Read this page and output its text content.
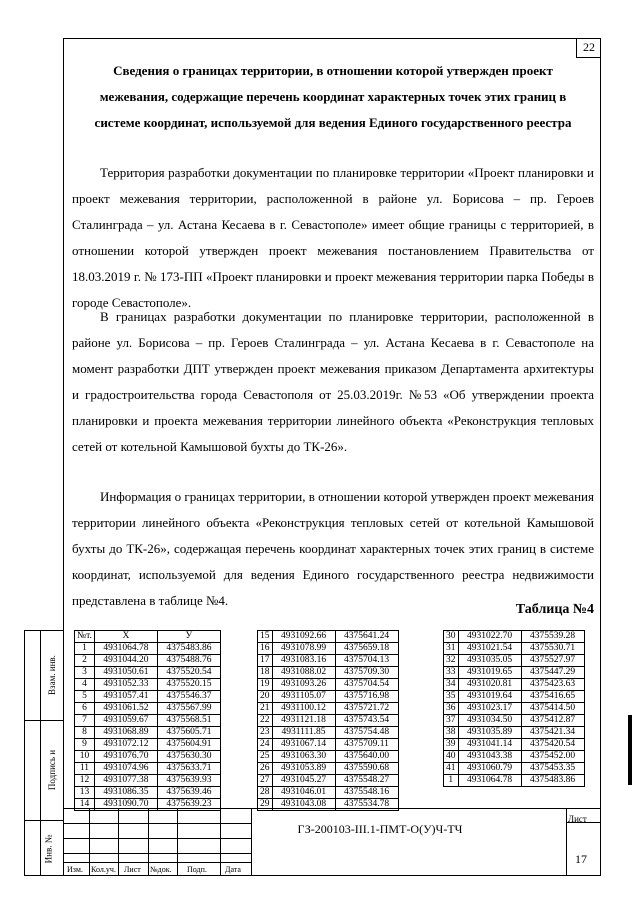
22
Взам. инв.
Подпись и
Инв. №
Сведения о границах территории, в отношении которой утвержден проект межевания, содержащие перечень координат характерных точек этих границ в системе координат, используемой для ведения Единого государственного реестра
Территория разработки документации по планировке территории «Проект планировки и проект межевания территории, расположенной в районе ул. Борисова – пр. Героев Сталинграда – ул. Астана Кесаева в г. Севастополе» имеет общие границы с территорией, в отношении которой утвержден проект межевания постановлением Правительства от 18.03.2019 г. № 173-ПП «Проект планировки и проект межевания территории парка Победы в городе Севастополе».
В границах разработки документации по планировке территории, расположенной в районе ул. Борисова – пр. Героев Сталинграда – ул. Астана Кесаева в г. Севастополе на момент разработки ДПТ утвержден проект межевания приказом Департамента архитектуры и градостроительства города Севастополя от 25.03.2019г. №53 «Об утверждении проекта планировки и проекта межевания территории линейного объекта «Реконструкция тепловых сетей от котельной Камышовой бухты до ТК-26».
Информация о границах территории, в отношении которой утвержден проект межевания территории линейного объекта «Реконструкция тепловых сетей от котельной Камышовой бухты до ТК-26», содержащая перечень координат характерных точек этих границ в системе координат, используемой для ведения Единого государственного реестра недвижимости представлена в таблице №4.
Таблица №4
№т.	X	У
1	4931064.78	4375483.86
2	4931044.20	4375488.76
3	4931050.61	4375520.54
4	4931052.33	4375520.15
5	4931057.41	4375546.37
6	4931061.52	4375567.99
7	4931059.67	4375568.51
8	4931068.89	4375605.71
9	4931072.12	4375604.91
10	4931076.70	4375630.30
11	4931074.96	4375633.71
12	4931077.38	4375639.93
13	4931086.35	4375639.46
14	4931090.70	4375639.23
15	4931092.66	4375641.24
16	4931078.99	4375659.18
17	4931083.16	4375704.13
18	4931088.02	4375709.30
19	4931093.26	4375704.54
20	4931105.07	4375716.98
21	4931100.12	4375721.72
22	4931121.18	4375743.54
23	4931111.85	4375754.48
24	4931067.14	4375709.11
25	4931063.30	4375640.00
26	4931053.89	4375590.68
27	4931045.27	4375548.27
28	4931046.01	4375548.16
29	4931043.08	4375534.78
30	4931022.70	4375539.28
31	4931021.54	4375530.71
32	4931035.05	4375527.97
33	4931019.65	4375447.29
34	4931020.81	4375423.63
35	4931019.64	4375416.65
36	4931023.17	4375414.50
37	4931034.50	4375412.87
38	4931035.89	4375421.34
39	4931041.14	4375420.54
40	4931043.38	4375452.00
41	4931060.79	4375453.35
1	4931064.78	4375483.86
Изм. Кол.уч. Лист №док. Подп. Дата
ГЗ-200103-III.1-ПМТ-О(У)Ч-ТЧ
Лист
17
